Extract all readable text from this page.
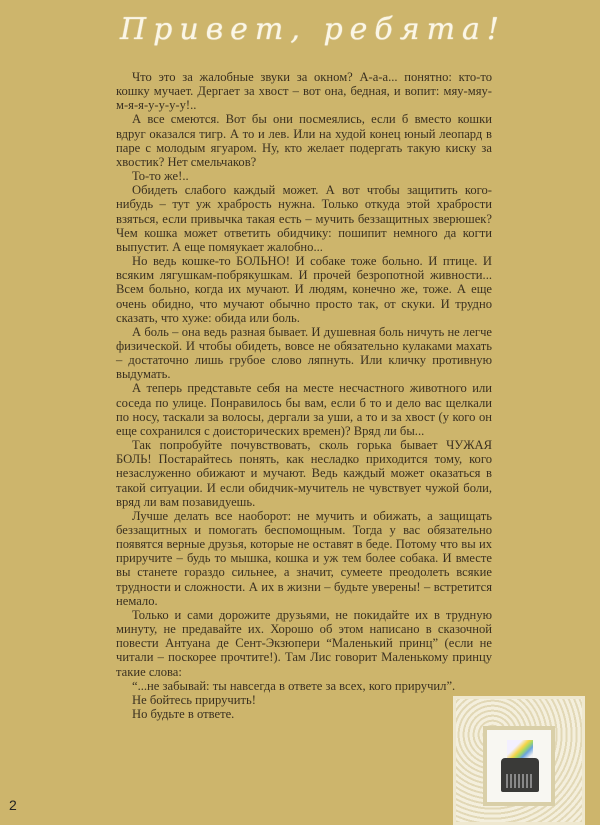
Привет, ребята!

Что это за жалобные звуки за окном? А-а-а... понятно: кто-то кошку мучает. Дергает за хвост – вот она, бедная, и вопит: мяу-мяу-м-я-я-у-у-у-у!..

А все смеются. Вот бы они посмеялись, если б вместо кошки вдруг оказался тигр. А то и лев. Или на худой конец юный леопард в паре с молодым ягуаром. Ну, кто желает подергать такую киску за хвостик? Нет смельчаков?

То-то же!..

Обидеть слабого каждый может. А вот чтобы защитить кого-нибудь – тут уж храбрость нужна. Только откуда этой храбрости взяться, если привычка такая есть – мучить беззащитных зверюшек? Чем кошка может ответить обидчику: пошипит немного да когти выпустит. А еще помяукает жалобно...

Но ведь кошке-то БОЛЬНО! И собаке тоже больно. И птице. И всяким лягушкам-побрякушкам. И прочей безропотной живности... Всем больно, когда их мучают. И людям, конечно же, тоже. А еще очень обидно, что мучают обычно просто так, от скуки. И трудно сказать, что хуже: обида или боль.

А боль – она ведь разная бывает. И душевная боль ничуть не легче физической. И чтобы обидеть, вовсе не обязательно кулаками махать – достаточно лишь грубое слово ляпнуть. Или кличку противную выдумать.

А теперь представьте себя на месте несчастного животного или соседа по улице. Понравилось бы вам, если б то и дело вас щелкали по носу, таскали за волосы, дергали за уши, а то и за хвост (у кого он еще сохранился с доисторических времен)? Вряд ли бы...

Так попробуйте почувствовать, сколь горька бывает ЧУЖАЯ БОЛЬ! Постарайтесь понять, как несладко приходится тому, кого незаслуженно обижают и мучают. Ведь каждый может оказаться в такой ситуации. И если обидчик-мучитель не чувствует чужой боли, вряд ли вам позавидуешь.

Лучше делать все наоборот: не мучить и обижать, а защищать беззащитных и помогать беспомощным. Тогда у вас обязательно появятся верные друзья, которые не оставят в беде. Потому что вы их приручите – будь то мышка, кошка и уж тем более собака. И вместе вы станете гораздо сильнее, а значит, сумеете преодолеть всякие трудности и сложности. А их в жизни – будьте уверены! – встретится немало.

Только и сами дорожите друзьями, не покидайте их в трудную минуту, не предавайте их. Хорошо об этом написано в сказочной повести Антуана де Сент-Экзюпери “Маленький принц” (если не читали – поскорее прочтите!). Там Лис говорит Маленькому принцу такие слова:

“...не забывай: ты навсегда в ответе за всех, кого приручил”.

Не бойтесь приручить!

Но будьте в ответе.

2
